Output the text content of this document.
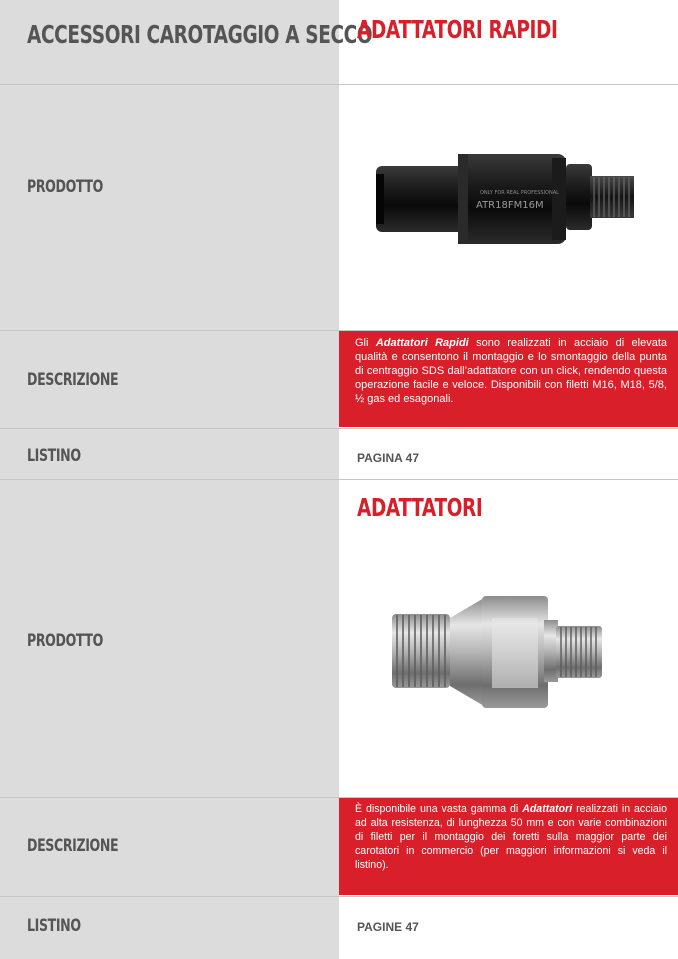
ACCESSORI CAROTAGGIO A SECCO
ADATTATORI RAPIDI
PRODOTTO	ONLY FOR REAL PROFESSIONAL
ATR18FM16M
DESCRIZIONE
Gli Adattatori Rapidi sono realizzati in acciaio di elevata qualità e consentono il montaggio e lo smontaggio della punta di centraggio SDS dall’adattatore con un click, rendendo questa operazione facile e veloce. Disponibili con filetti M16, M18, 5/8, ½ gas ed esagonali.
LISTINO	PAGINA 47
ADATTATORI
PRODOTTO
DESCRIZIONE
È disponibile una vasta gamma di Adattatori realizzati in acciaio ad alta resistenza, di lunghezza 50 mm e con varie combinazioni di filetti per il montaggio dei foretti sulla maggior parte dei carotatori in commercio (per maggiori informazioni si veda il listino).
LISTINO	PAGINE 47
